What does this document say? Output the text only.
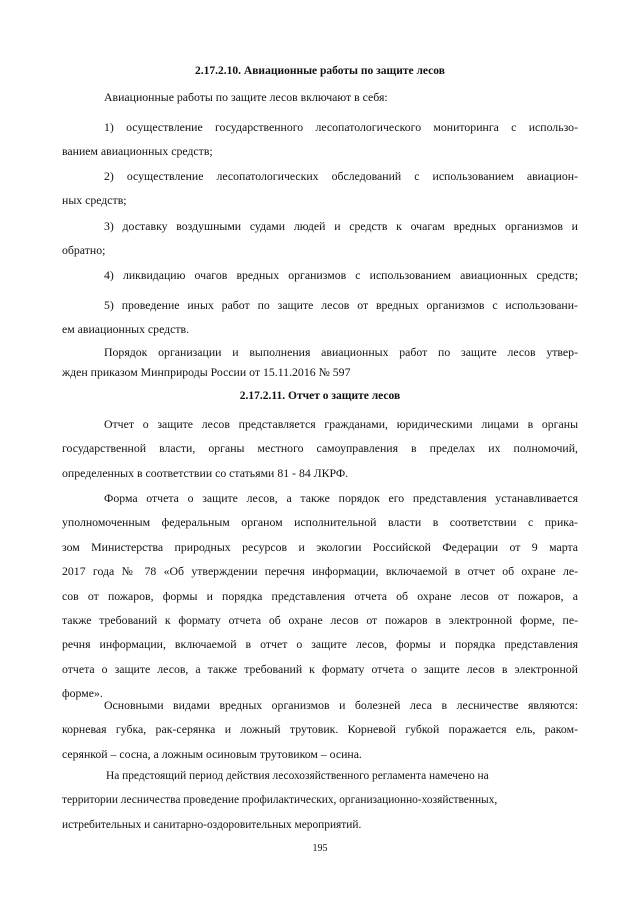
2.17.2.10. Авиационные работы по защите лесов
Авиационные работы по защите лесов включают в себя:
1) осуществление государственного лесопатологического мониторинга с использо-
ванием авиационных средств;
2) осуществление лесопатологических обследований с использованием авиацион-
ных средств;
3) доставку воздушными судами людей и средств к очагам вредных организмов и
обратно;
4) ликвидацию очагов вредных организмов с использованием авиационных средств;
5) проведение иных работ по защите лесов от вредных организмов с использовани-
ем авиационных средств.
Порядок организации и выполнения авиационных работ по защите лесов утвер-
жден приказом Минприроды России от 15.11.2016 № 597
2.17.2.11. Отчет о защите лесов
Отчет о защите лесов представляется гражданами, юридическими лицами в органы
государственной власти, органы местного самоуправления в пределах их полномочий,
определенных в соответствии со статьями 81 - 84 ЛКРФ.
Форма отчета о защите лесов, а также порядок его представления устанавливается
уполномоченным федеральным органом исполнительной власти в соответствии с прика-
зом Министерства природных ресурсов и экологии Российской Федерации от 9 марта
2017 года № 78 «Об утверждении перечня информации, включаемой в отчет об охране ле-
сов от пожаров, формы и порядка представления отчета об охране лесов от пожаров, а
также требований к формату отчета об охране лесов от пожаров в электронной форме, пе-
речня информации, включаемой в отчет о защите лесов, формы и порядка представления
отчета о защите лесов, а также требований к формату отчета о защите лесов в электронной
форме».
Основными видами вредных организмов и болезней леса в лесничестве являются:
корневая губка, рак-серянка и ложный трутовик. Корневой губкой поражается ель, раком-
серянкой – сосна, а ложным осиновым трутовиком – осина.
На предстоящий период действия лесохозяйственного регламента намечено на
территории лесничества проведение профилактических, организационно-хозяйственных,
истребительных и санитарно-оздоровительных мероприятий.
195
